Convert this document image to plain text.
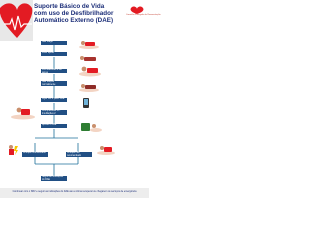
Suporte Básico de Vida
com uso de Desfibrilhador
Automático Externo (DAE)
Conselho Português de Ressuscitação
Não reage
Pedir ajuda
Permeabilizar a via aérea
Não respira normalmente
Ligar 112 e pedir DAE
Compressões 30 : Insuflações 2
Aplicar o DAE
Choque recomendado	Choque não recomendado
Seguir as indicações do DAE
Continuar com o SBV e seguir as indicações do DAE até a vítima recuperar ou chegarem os serviços de emergência
